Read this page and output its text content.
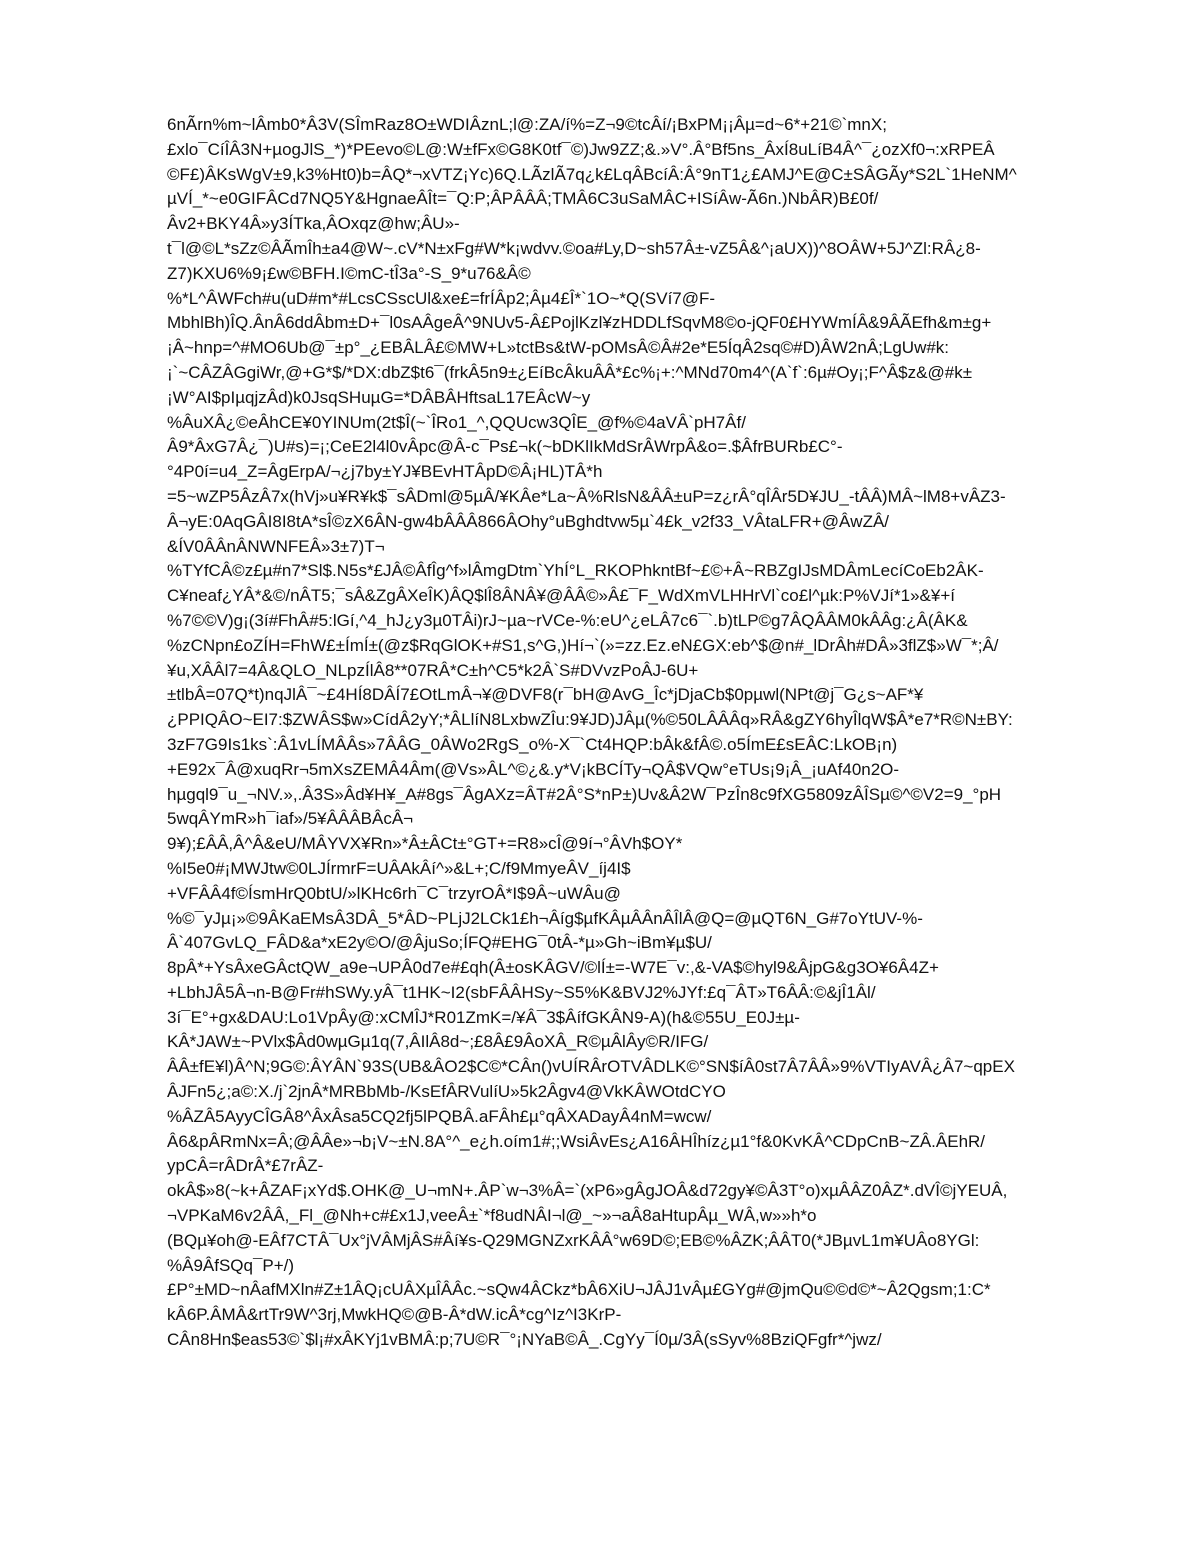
6nÃrn%m~lÂmb0*Â3V(SÎmRaz8O±WDIÂznL;l@:ZA/í%=Z¬9©tcÂí/¡BxPM¡¡Âµ=d~6*+21©`mnX;
£xlo¯CíÎÂ3N+µogJlS_*)*PEevo©L@:W±fFx©G8K0tf¯©)Jw9ZZ;&.»V°.Â°Bf5ns_ÂxÍ8uLíB4Â^¯¿ozXf0¬:xRPEÂ
©F£)ÂKsWgV±9,k3%Ht0)b=ÂQ*¬xVTZ¡Yc)6Q.LÃzlÃ7q¿k£LqÂBcíÂ:Â°9nT1¿£AMJ^E@C±SÂGÃy*S2L`1HeNM^
µVÍ_*~e0GIFÂCd7NQ5Y&HgnaeÂÎt=¯Q:P;ÂPÂÂÂ;TMÂ6C3uSaMÂC+ISíÂw-Ã6n.)NbÂR)B£0f/
Âv2+BKY4Â»y3ÍTka,ÂOxqz@hw;ÂU»-
t¯l@©L*sZz©ÂÃmÎh±a4@W~.cV*N±xFg#W*k¡wdvv.©oa#Ly,D~sh57Â±-vZ5Â&^¡aUX))^8OÂW+5J^Zl:RÂ¿8-
Z7)KXU6%9¡£w©BFH.I©mC-tÎ3a°-S_9*u76&Â©
%*L^ÂWFch#u(uD#m*#LcsCSscUl&xe£=frÍÂp2;Âµ4£Î*`1O~*Q(SVí7@F-
MbhlBh)ÎQ.ÂnÂ6ddÂbm±D+¯l0sAÂgeÂ^9NUv5-Â£PojlKzl¥zHDDLfSqvM8©o-jQF0£HYWmÍÂ&9ÂÃEfh&m±g+
¡Â~hnp=^#MO6Ub@¯±p°_¿EBÂLÂ£©MW+L»tctBs&tW-pOMsÂ©Â#2e*E5ÍqÂ2sq©#D)ÂW2nÂ;LgUw#k:
¡`~CÂZÂGgiWr,@+G*$/*DX:dbZ$t6¯(frkÂ5n9±¿EíBcÂkuÂÂ*£c%¡+:^MNd70m4^(A`f`:6µ#Oy¡;F^Â$z&@#k±
¡W°AI$pIµqjzÂd)k0JsqSHuµG=*DÂBÂHftsaL17EÂcW~y
%ÂuXÂ¿©eÂhCE¥0YINUm(2t$Î(~`ÎRo1_^,QQUcw3QÎE_@f%©4aVÂ`pH7Âf/
Â9*ÂxG7Â¿¯)U#s)=¡;CeE2l4l0vÂpc@Â-c¯Ps£¬k(~bDKlIkMdSrÂWrpÂ&o=.$ÂfrBURb£C°-
°4P0í=u4_Z=ÂgErpA/¬¿j7by±YJ¥BEvHTÂpD©Â¡HL)TÂ*h
=5~wZP5ÂzÂ7x(hVj»u¥R¥k$¯sÂDml@5µÂ/¥KÂe*La~Â%RlsN&ÂÂ±uP=z¿rÂ°qÎÂr5D¥JU_-tÂÂ)MÂ~lM8+vÂZ3-
Â¬yE:0AqGÂI8I8tA*sÎ©zX6ÂN-gw4bÂÂÂ866ÂOhy°uBghdtvw5µ`4£k_v2f33_VÂtaLFR+@ÂwZÂ/
&ÍV0ÂÂnÂNWNFEÂ»3±7)T¬
%TYfCÂ©z£µ#n7*Sl$.N5s*£JÂ©ÂfÎg^f»lÂmgDtm`YhÍ°L_RKOPhkntBf~£©+Â~RBZgIJsMDÂmLecíCoEb2ÂK-
C¥neaf¿YÂ*&©/nÂT5;¯sÂ&ZgÂXeÎK)ÂQ$lÎ8ÂNÂ¥@ÂÂ©»Â£¯F_WdXmVLHHrVl`co£l^µk:P%VJí*1»&¥+í
%7©©V)g¡(3í#FhÂ#5:lGí,^4_hJ¿y3µ0TÂi)rJ~µa~rVCe-%:eU^¿eLÂ7c6¯`.b)tLP©g7ÂQÂÂM0kÂÂg:¿Â(ÂK&
%zCNpn£oZÍH=FhW£±ÍmÍ±(@z$RqGlOK+#S1,s^G,)Hí¬`(»=zz.Ez.eN£GX:eb^$@n#_lDrÂh#DÂ»3flZ$»W¯*;Â/
¥u,XÂÂl7=4Â&QLO_NLpzÍlÂ8**07RÂ*C±h^C5*k2Â`S#DVvzPoÂJ-6U+
±tlbÂ=07Q*t)nqJlÂ¯~£4HÍ8DÂÍ7£OtLmÂ¬¥@DVF8(r¯bH@AvG_Îc*jDjaCb$0pµwl(NPt@j¯G¿s~AF*¥
¿PPIQÂO~EI7:$ZWÂS$w»CídÂ2yY;*ÂLlíN8LxbwZÎu:9¥JD)JÂµ(%©50LÂÂÂq»RÂ&gZY6hyÎlqW$Â*e7*R©N±BY:
3zF7G9Is1ks`:Â1vLÍMÂÂs»7ÂÂG_0ÂWo2RgS_o%-X¯`Ct4HQP:bÂk&fÂ©.o5ÍmE£sEÂC:LkOB¡n)
+E92x¯Â@xuqRr¬5mXsZEMÂ4Âm(@Vs»ÂL^©¿&.y*V¡kBCÍTy¬QÂ$VQw°eTUs¡9¡Â_¡uAf40n2O-
hµgql9¯u_¬NV.»,.Â3S»Âd¥H¥_A#8gs¯ÂgAXz=ÂT#2Â°S*nP±)Uv&Â2W¯PzÎn8c9fXG5809zÂÎSµ©^©V2=9_°pH
5wqÂYmR»h¯iaf»/5¥ÂÂÂBÂcÂ¬
9¥);£ÂÂ,Â^Â&eU/MÂYVX¥Rn»*Â±ÂCt±°GT+=R8»cÎ@9í¬°ÂVh$OY*
%I5e0#¡MWJtw©0LJÍrmrF=UÂAkÂí^»&L+;C/f9MmyeÂV_íj4I$
+VFÂÂ4f©ÍsmHrQ0btU/»lKHc6rh¯C¯trzyrOÂ*I$9Â~uWÂu@
%©¯yJµ¡»©9ÂKaEMsÂ3DÂ_5*ÂD~PLjJ2LCk1£h¬Âíg$µfKÂµÂÂnÂÎlÂ@Q=@µQT6N_G#7oYtUV-%-
Â`407GvLQ_FÂD&a*xE2y©O/@ÂjuSo;ÍFQ#EHG¯0tÂ-*µ»Gh~iBm¥µ$U/
8pÂ*+YsÂxeGÂctQW_a9e¬UPÂ0d7e#£qh(Â±osKÂGV/©lÍ±=-W7E¯v:,&-VA$©hyl9&ÂjpG&g3O¥6Â4Z+
+LbhJÂ5Â¬n-B@Fr#hSWy.yÂ¯t1HK~I2(sbFÂÂHSy~S5%K&BVJ2%JYf:£q¯ÂT»T6ÂÂ:©&jÎ1Âl/
3í¯E°+gx&DAU:Lo1VpÂy@:xCMÎJ*R01ZmK=/¥Â¯3$ÂífGKÂN9-A)(h&©55U_E0J±µ-
KÂ*JAW±~PVlx$Âd0wµGµ1q(7,ÂIlÂ8d~;£8Â£9ÂoXÂ_R©µÂlÂy©R/IFG/
ÂÂ±fE¥l)Â^N;9G©:ÂYÂN`93S(UB&ÂO2$C©*CÂn()vUÍRÂrOTVÂDLK©°SN$íÂ0st7Â7ÂÂ»9%VTIyAVÂ¿Â7~qpEX
ÂJFn5¿;a©:X./j`2jnÂ*MRBbMb-/KsEfÂRVulíU»5k2Âgv4@VkKÂWOtdCYO
%ÂZÂ5AyyCÎGÂ8^ÂxÂsa5CQ2fj5lPQBÂ.aFÂh£µ°qÂXADayÂ4nM=wcw/
Â6&pÂRmNx=Â;@ÂÂe»¬b¡V~±N.8A°^_e¿h.oím1#;;WsiÂvEs¿A16ÂHÎhíz¿µ1°f&0KvKÂ^CDpCnB~ZÂ.ÂEhR/
ypCÂ=rÂDrÂ*£7rÂZ-
okÂ$»8(~k+ÂZAF¡xYd$.OHK@_U¬mN+.ÂP`w¬3%Â=`(xP6»gÂgJOÂ&d72gy¥©Â3T°o)xµÂÂZ0ÂZ*.dVÎ©jYEUÂ,
¬VPKaM6v2ÂÂ,_Fl_@Nh+c#£x1J,veeÂ±`*f8udNÂI¬l@_~»¬aÂ8aHtupÂµ_WÂ,w»»h*o
(BQµ¥oh@-EÂf7CTÂ¯Ux°jVÂMjÂS#Âí¥s-Q29MGNZxrKÂÂ°w69D©;EB©%ÂZK;ÂÂT0(*JBµvL1m¥UÂo8YGl:
%Â9ÂfSQq¯P+/)
£P°±MD~nÂafMXln#Z±1ÂQ¡cUÂXµÎÂÂc.~sQw4ÂCkz*bÂ6XiU¬JÂJ1vÂµ£GYg#@jmQu©©d©*~Â2Qgsm;1:C*
kÂ6P.ÂMÂ&rtTr9W^3rj,MwkHQ©@B-Â*dW.icÂ*cg^Iz^I3KrP-
CÂn8Hn$eas53©`$l¡#xÂKYj1vBMÂ:p;7U©R¯°¡NYaB©Â_.CgYy¯Í0µ/3Â(sSyv%8BziQFgfr*^jwz/
